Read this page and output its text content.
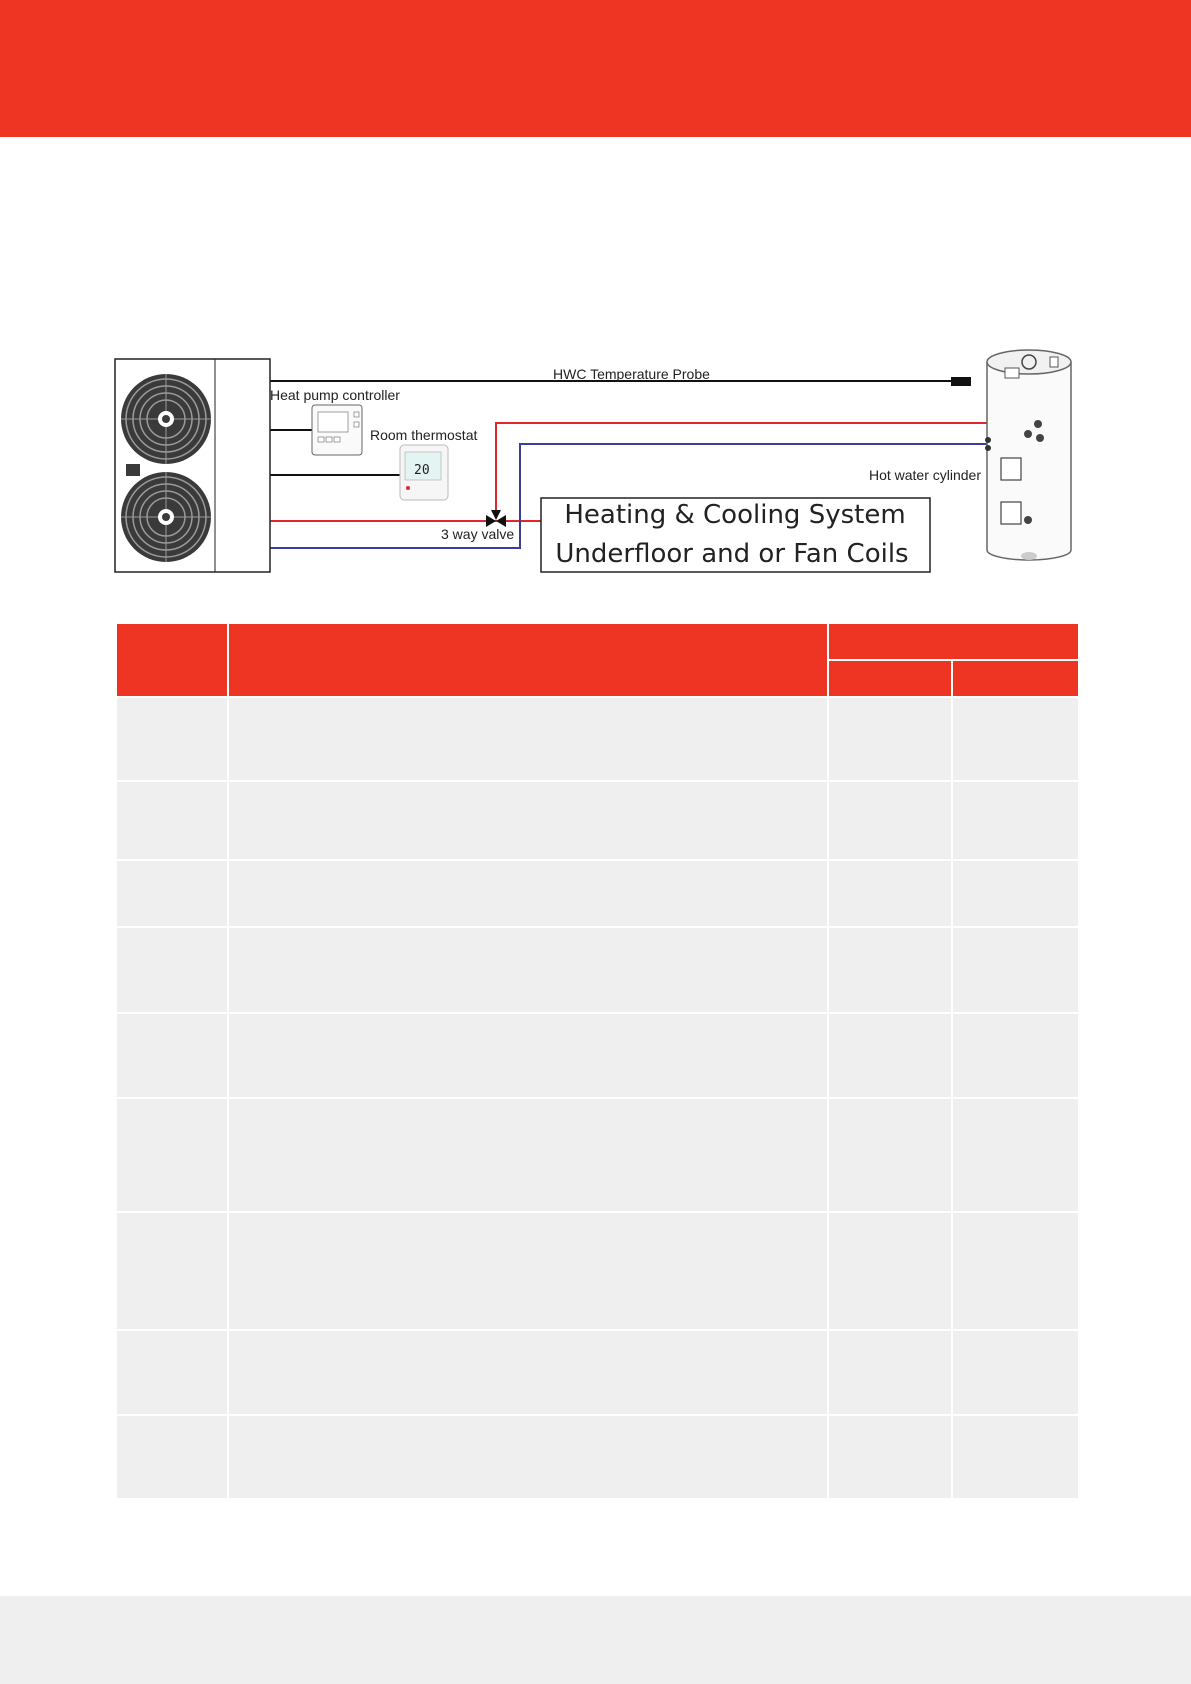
20
HWC Temperature Probe
Heat pump controller
Room thermostat
Hot water cylinder
3 way valve
Heating & Cooling System
Underfloor and or Fan Coils
